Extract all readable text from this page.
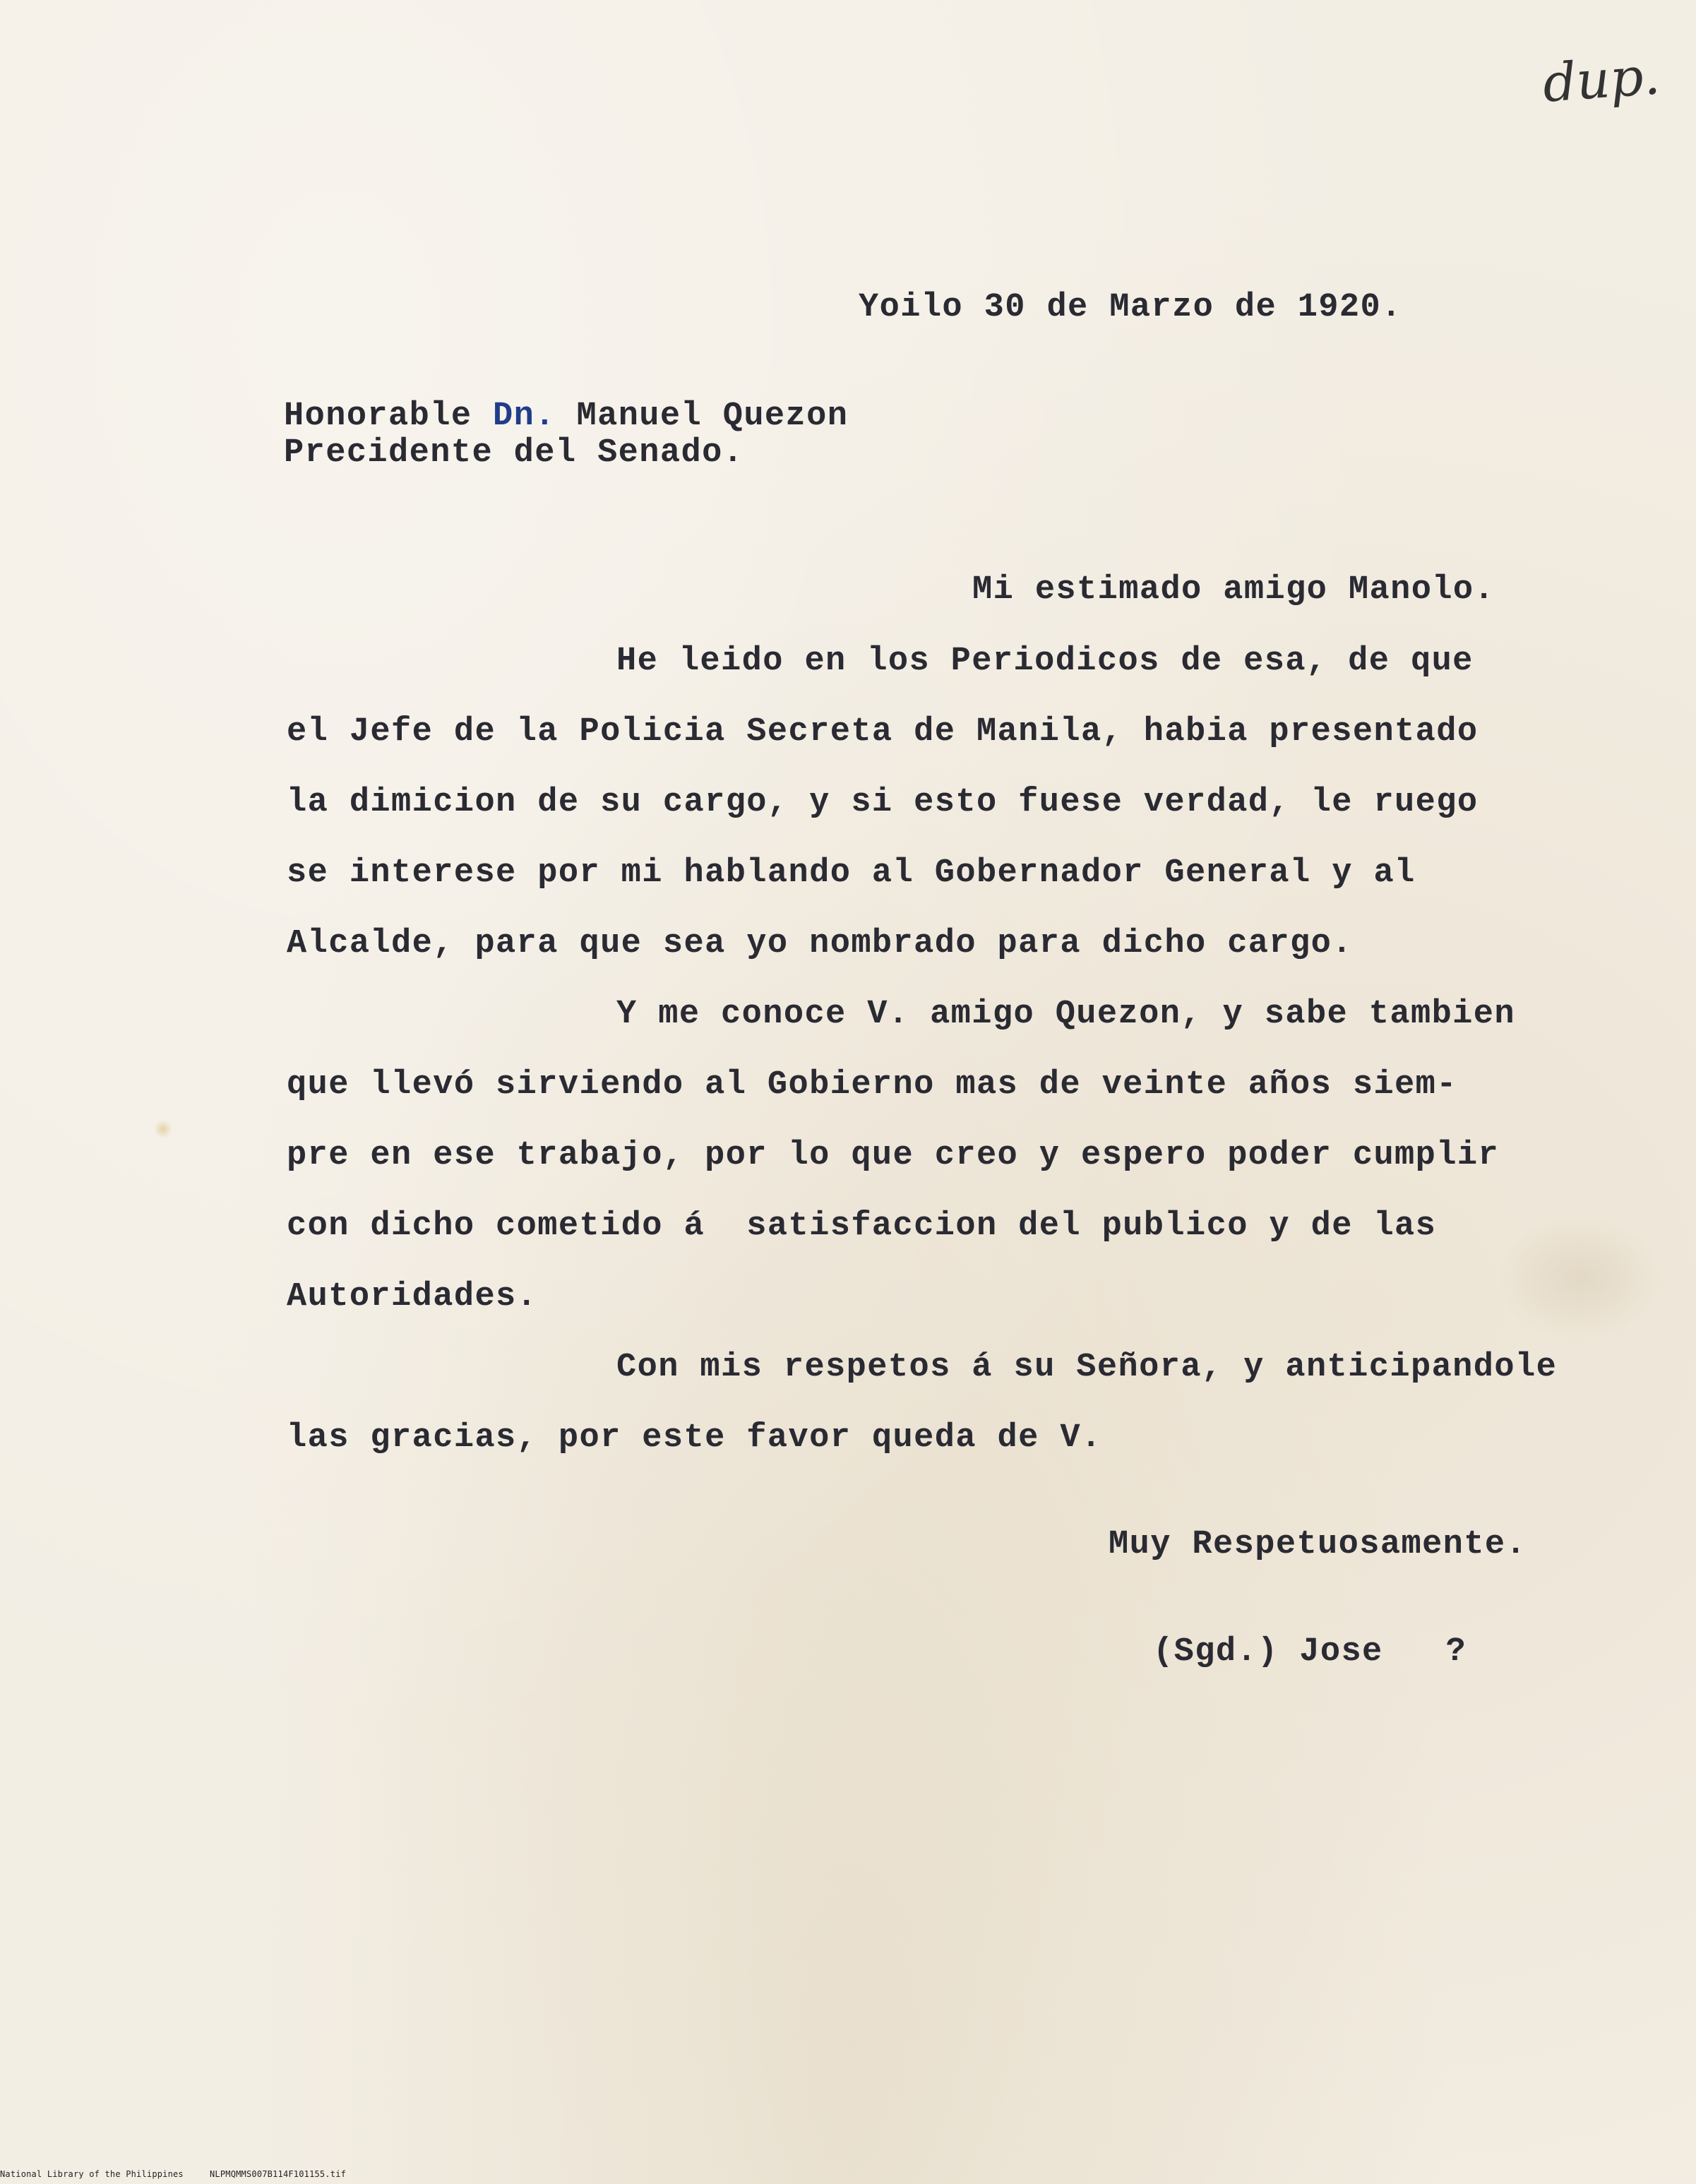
dup.
Yoilo 30 de Marzo de 1920.
Honorable Dn. Manuel Quezon
Precidente del Senado.
Mi estimado amigo Manolo.
He leido en los Periodicos de esa, de que
el Jefe de la Policia Secreta de Manila, habia presentado
la dimicion de su cargo, y si esto fuese verdad, le ruego
se interese por mi hablando al Gobernador General y al
Alcalde, para que sea yo nombrado para dicho cargo.
Y me conoce V. amigo Quezon, y sabe tambien
que llevó sirviendo al Gobierno mas de veinte años siem-
pre en ese trabajo, por lo que creo y espero poder cumplir
con dicho cometido á  satisfaccion del publico y de las
Autoridades.
Con mis respetos á su Señora, y anticipandole
las gracias, por este favor queda de V.
Muy Respetuosamente.
(Sgd.) Jose   ?
National Library of the Philippines	NLPMQMMS007B114F101155.tif
